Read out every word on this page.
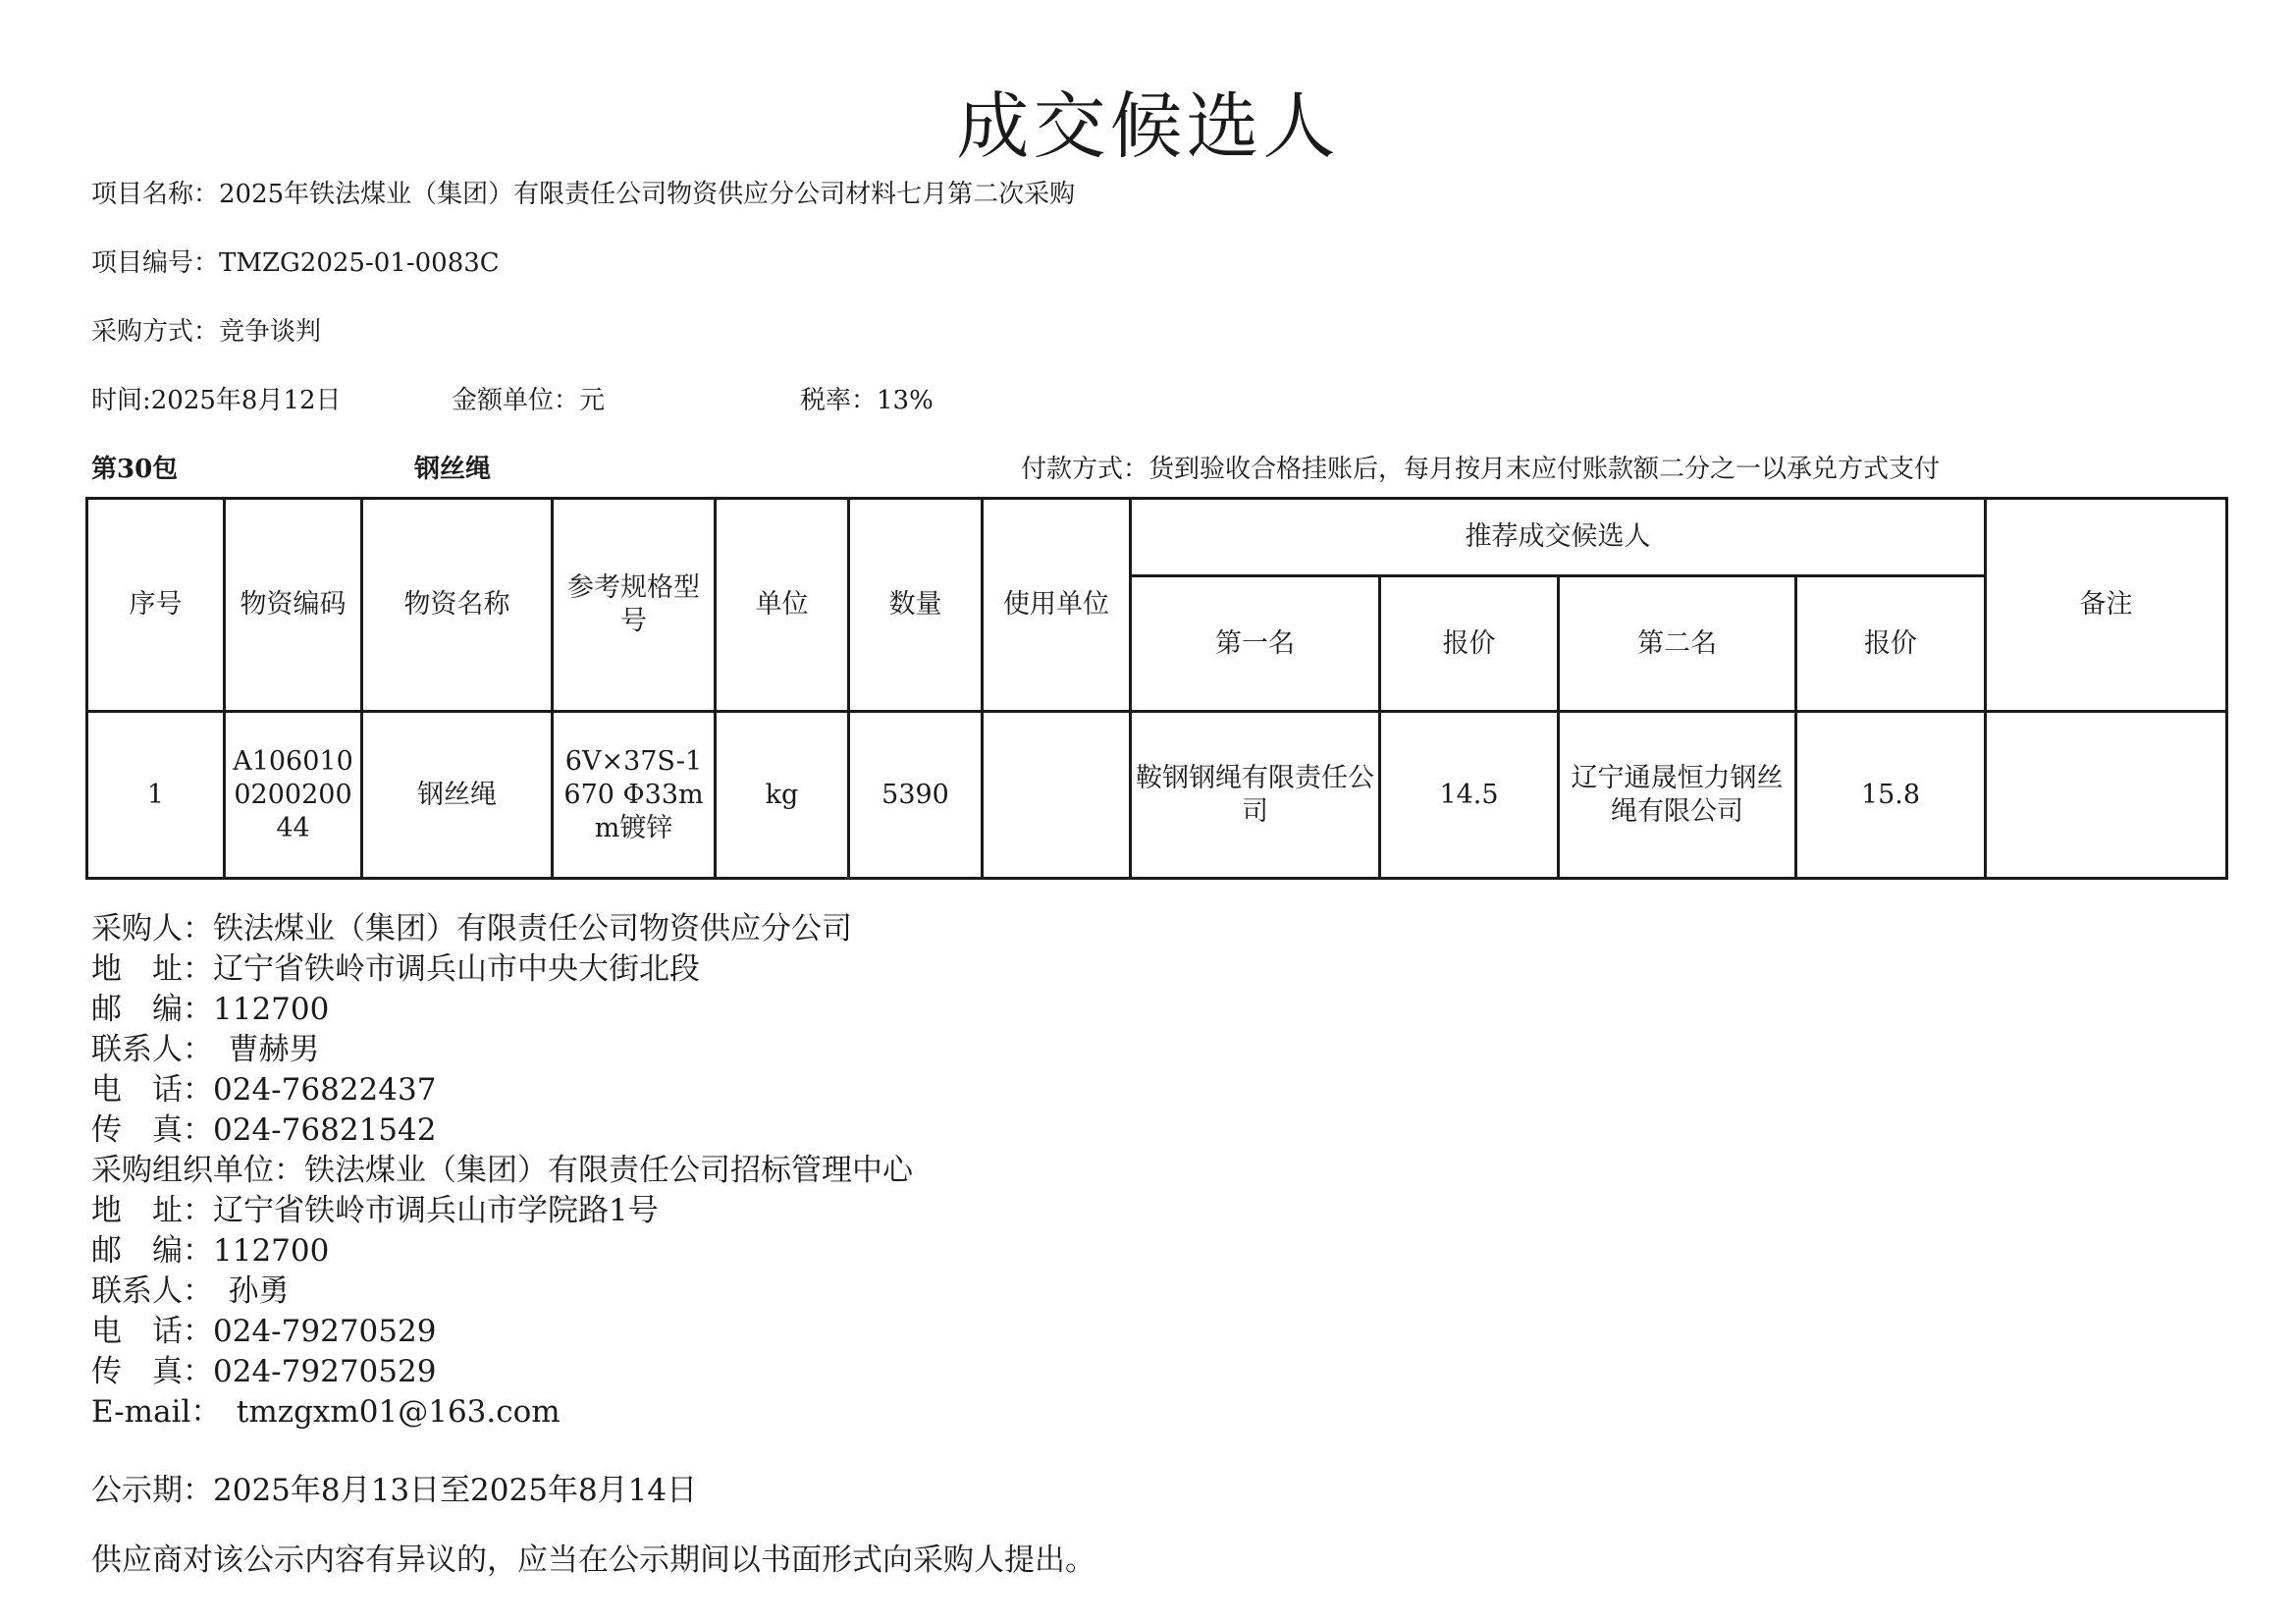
成交候选人
项目名称：2025年铁法煤业（集团）有限责任公司物资供应分公司材料七月第二次采购
项目编号：TMZG2025-01-0083C
采购方式：竞争谈判
时间:2025年8月12日	金额单位：元	税率：13%
第30包	钢丝绳	付款方式：货到验收合格挂账后，每月按月末应付账款额二分之一以承兑方式支付
序号	物资编码	物资名称	参考规格型号	单位	数量	使用单位	推荐成交候选人				备注
							第一名	报价	第二名	报价	
1	A106010020020044	钢丝绳	6V×37S-1670 Φ33mm镀锌	kg	5390		鞍钢钢绳有限责任公司	14.5	辽宁通晟恒力钢丝绳有限公司	15.8	
采购人：铁法煤业（集团）有限责任公司物资供应分公司
地　址：辽宁省铁岭市调兵山市中央大街北段
邮　编：112700
联系人：　曹赫男
电　话：024-76822437
传　真：024-76821542
采购组织单位：铁法煤业（集团）有限责任公司招标管理中心
地　址：辽宁省铁岭市调兵山市学院路1号
邮　编：112700
联系人：　孙勇
电　话：024-79270529
传　真：024-79270529
E-mail：　tmzgxm01@163.com
公示期：2025年8月13日至2025年8月14日
供应商对该公示内容有异议的，应当在公示期间以书面形式向采购人提出。
